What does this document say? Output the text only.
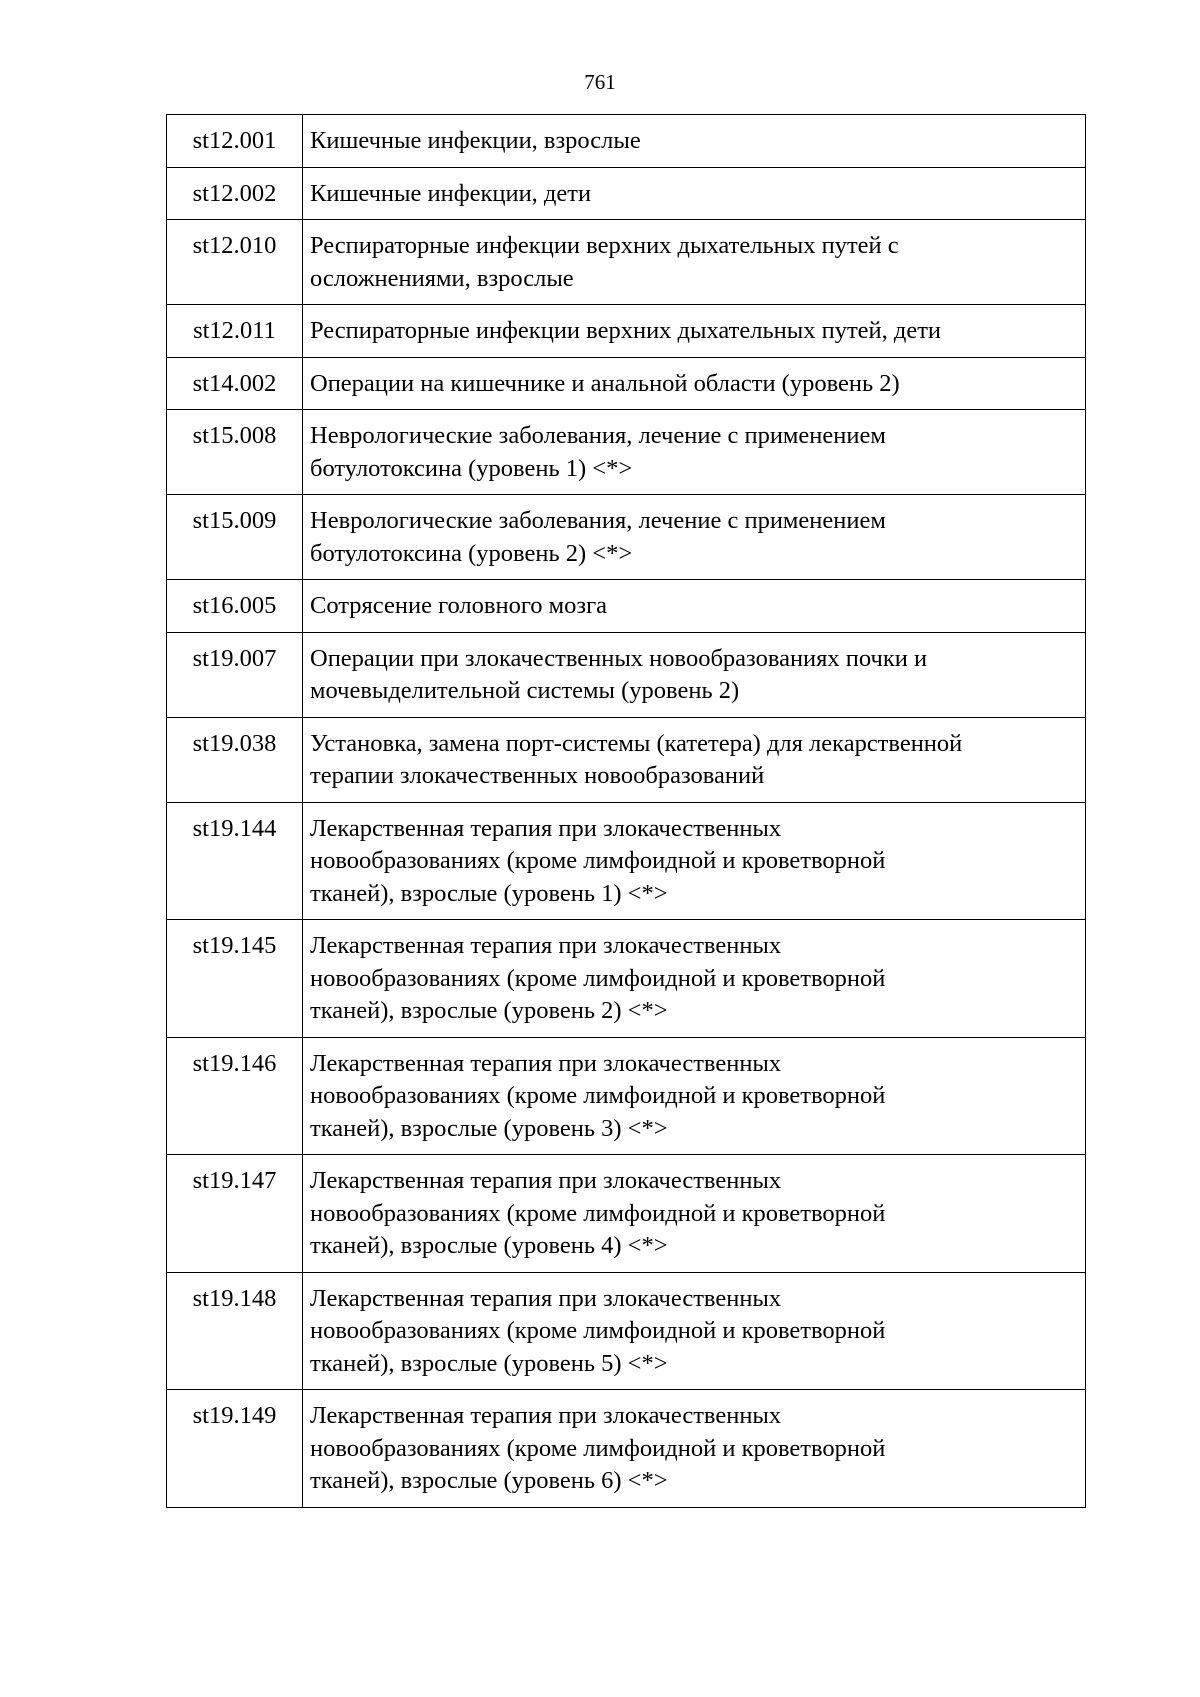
761
st12.001	Кишечные инфекции, взрослые

st12.002	Кишечные инфекции, дети

st12.010	Респираторные инфекции верхних дыхательных путей с
осложнениями, взрослые

st12.011	Респираторные инфекции верхних дыхательных путей, дети

st14.002	Операции на кишечнике и анальной области (уровень 2)

st15.008	Неврологические заболевания, лечение с применением
ботулотоксина (уровень 1) <*>

st15.009	Неврологические заболевания, лечение с применением
ботулотоксина (уровень 2) <*>

st16.005	Сотрясение головного мозга

st19.007	Операции при злокачественных новообразованиях почки и
мочевыделительной системы (уровень 2)

st19.038	Установка, замена порт-системы (катетера) для лекарственной
терапии злокачественных новообразований

st19.144	Лекарственная терапия при злокачественных
новообразованиях (кроме лимфоидной и кроветворной
тканей), взрослые (уровень 1) <*>

st19.145	Лекарственная терапия при злокачественных
новообразованиях (кроме лимфоидной и кроветворной
тканей), взрослые (уровень 2) <*>

st19.146	Лекарственная терапия при злокачественных
новообразованиях (кроме лимфоидной и кроветворной
тканей), взрослые (уровень 3) <*>

st19.147	Лекарственная терапия при злокачественных
новообразованиях (кроме лимфоидной и кроветворной
тканей), взрослые (уровень 4) <*>

st19.148	Лекарственная терапия при злокачественных
новообразованиях (кроме лимфоидной и кроветворной
тканей), взрослые (уровень 5) <*>

st19.149	Лекарственная терапия при злокачественных
новообразованиях (кроме лимфоидной и кроветворной
тканей), взрослые (уровень 6) <*>
